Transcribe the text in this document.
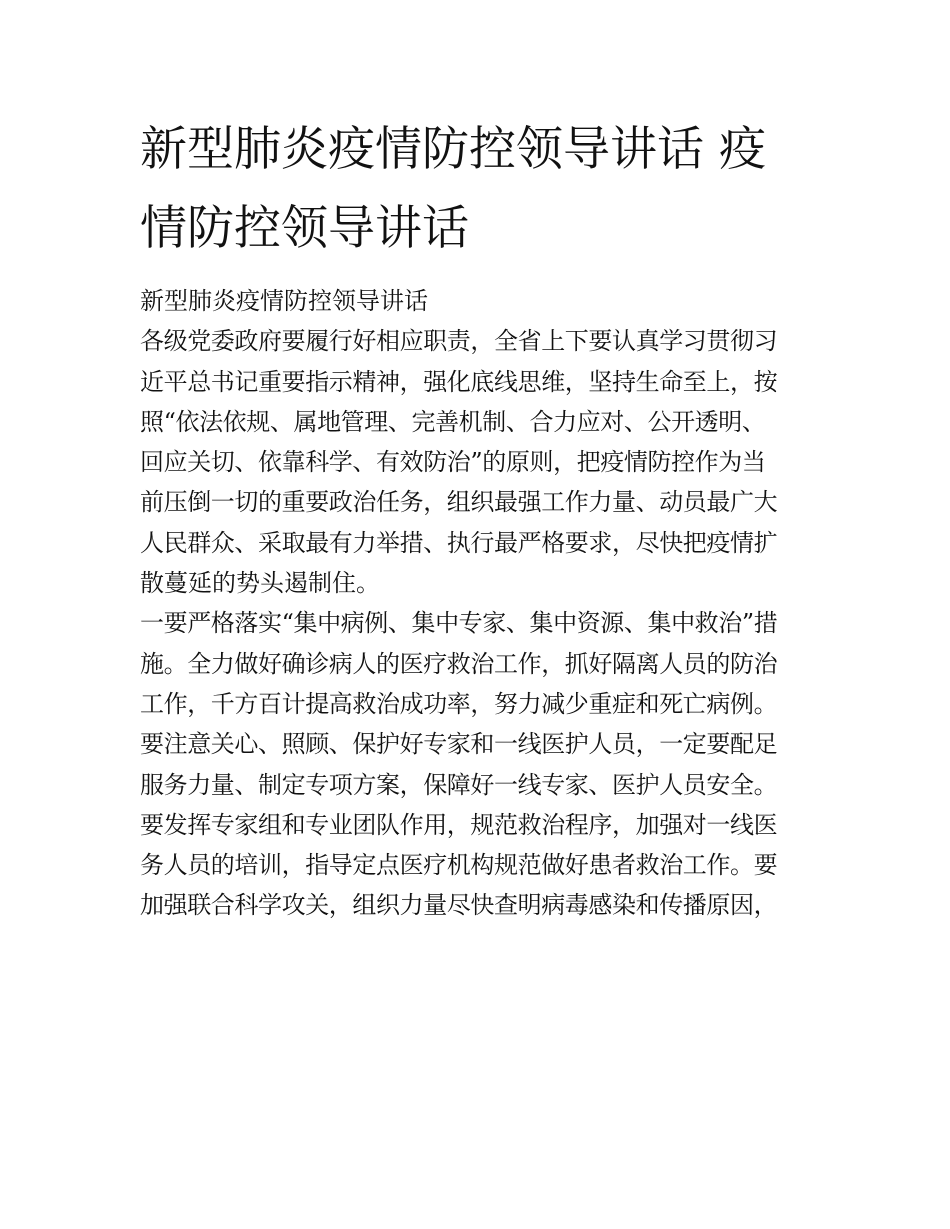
新型肺炎疫情防控领导讲话 疫
情防控领导讲话
新型肺炎疫情防控领导讲话
各级党委政府要履行好相应职责，全省上下要认真学习贯彻习
近平总书记重要指示精神，强化底线思维，坚持生命至上，按
照“依法依规、属地管理、完善机制、合力应对、公开透明、
回应关切、依靠科学、有效防治”的原则，把疫情防控作为当
前压倒一切的重要政治任务，组织最强工作力量、动员最广大
人民群众、采取最有力举措、执行最严格要求，尽快把疫情扩
散蔓延的势头遏制住。
一要严格落实“集中病例、集中专家、集中资源、集中救治”措
施。全力做好确诊病人的医疗救治工作，抓好隔离人员的防治
工作，千方百计提高救治成功率，努力减少重症和死亡病例。
要注意关心、照顾、保护好专家和一线医护人员，一定要配足
服务力量、制定专项方案，保障好一线专家、医护人员安全。
要发挥专家组和专业团队作用，规范救治程序，加强对一线医
务人员的培训，指导定点医疗机构规范做好患者救治工作。要
加强联合科学攻关，组织力量尽快查明病毒感染和传播原因，
